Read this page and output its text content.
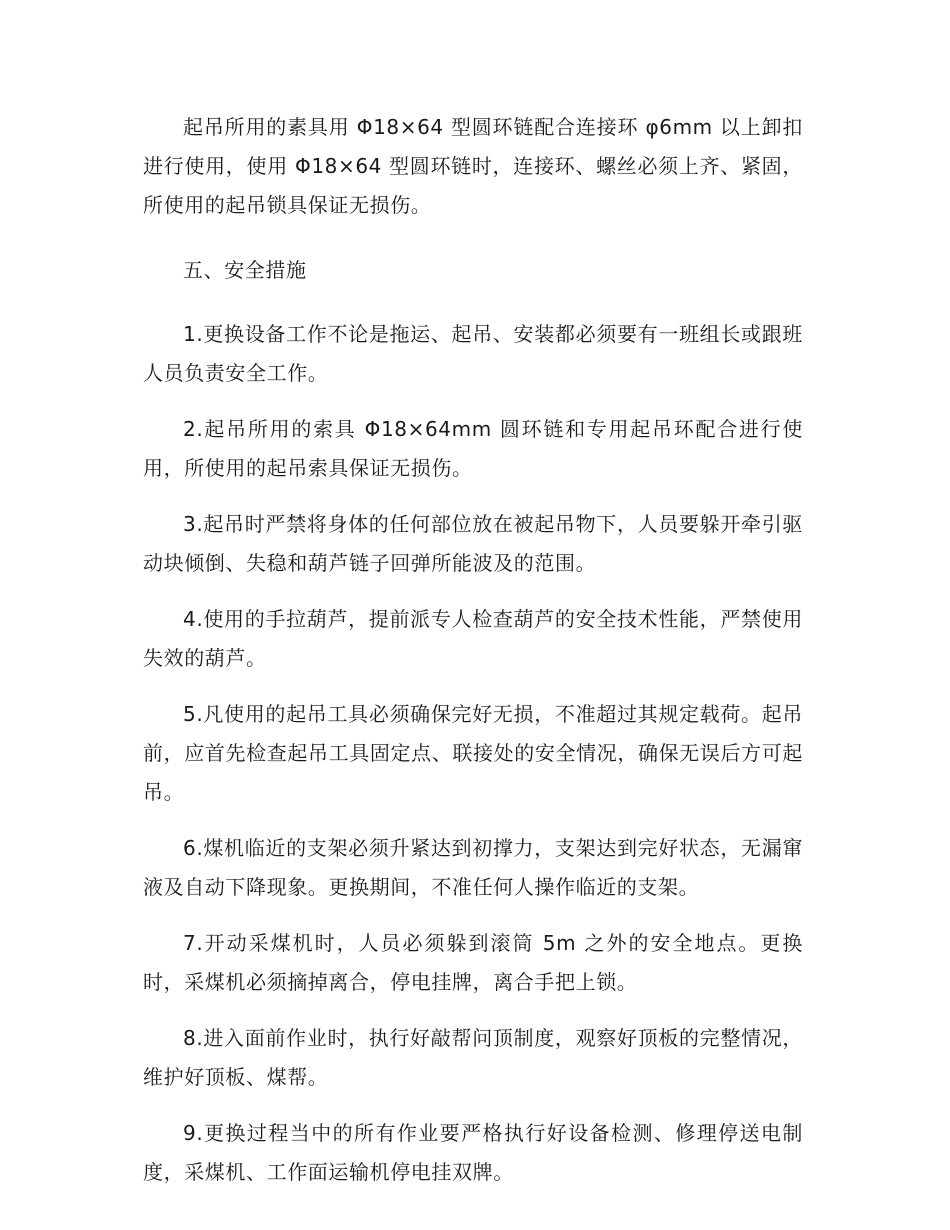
起吊所用的素具用 Φ18×64 型圆环链配合连接环 φ6mm 以上卸扣进行使用，使用 Φ18×64 型圆环链时，连接环、螺丝必须上齐、紧固，所使用的起吊锁具保证无损伤。

五、安全措施

1.更换设备工作不论是拖运、起吊、安装都必须要有一班组长或跟班人员负责安全工作。

2.起吊所用的索具 Φ18×64mm 圆环链和专用起吊环配合进行使用，所使用的起吊索具保证无损伤。

3.起吊时严禁将身体的任何部位放在被起吊物下，人员要躲开牵引驱动块倾倒、失稳和葫芦链子回弹所能波及的范围。

4.使用的手拉葫芦，提前派专人检查葫芦的安全技术性能，严禁使用失效的葫芦。

5.凡使用的起吊工具必须确保完好无损，不准超过其规定载荷。起吊前，应首先检查起吊工具固定点、联接处的安全情况，确保无误后方可起吊。

6.煤机临近的支架必须升紧达到初撑力，支架达到完好状态，无漏窜液及自动下降现象。更换期间，不准任何人操作临近的支架。

7.开动采煤机时，人员必须躲到滚筒 5m 之外的安全地点。更换时，采煤机必须摘掉离合，停电挂牌，离合手把上锁。

8.进入面前作业时，执行好敲帮问顶制度，观察好顶板的完整情况，维护好顶板、煤帮。

9.更换过程当中的所有作业要严格执行好设备检测、修理停送电制度，采煤机、工作面运输机停电挂双牌。
